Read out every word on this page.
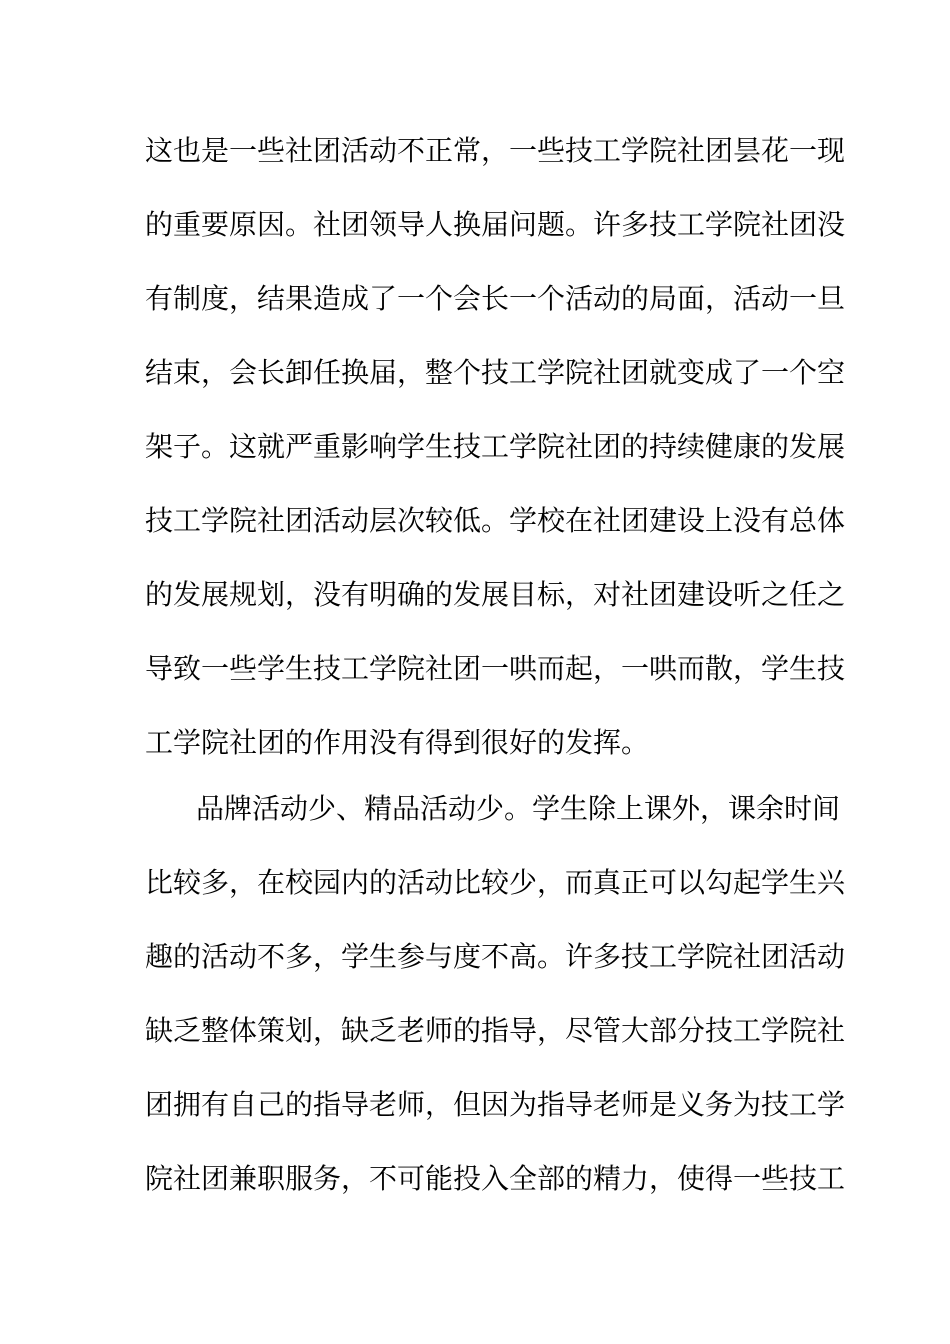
这也是一些社团活动不正常，一些技工学院社团昙花一现
的重要原因。社团领导人换届问题。许多技工学院社团没
有制度，结果造成了一个会长一个活动的局面，活动一旦
结束，会长卸任换届，整个技工学院社团就变成了一个空
架子。这就严重影响学生技工学院社团的持续健康的发展
技工学院社团活动层次较低。学校在社团建设上没有总体
的发展规划，没有明确的发展目标，对社团建设听之任之
导致一些学生技工学院社团一哄而起，一哄而散，学生技
工学院社团的作用没有得到很好的发挥。
品牌活动少、精品活动少。学生除上课外，课余时间
比较多，在校园内的活动比较少，而真正可以勾起学生兴
趣的活动不多，学生参与度不高。许多技工学院社团活动
缺乏整体策划，缺乏老师的指导，尽管大部分技工学院社
团拥有自己的指导老师，但因为指导老师是义务为技工学
院社团兼职服务，不可能投入全部的精力，使得一些技工
